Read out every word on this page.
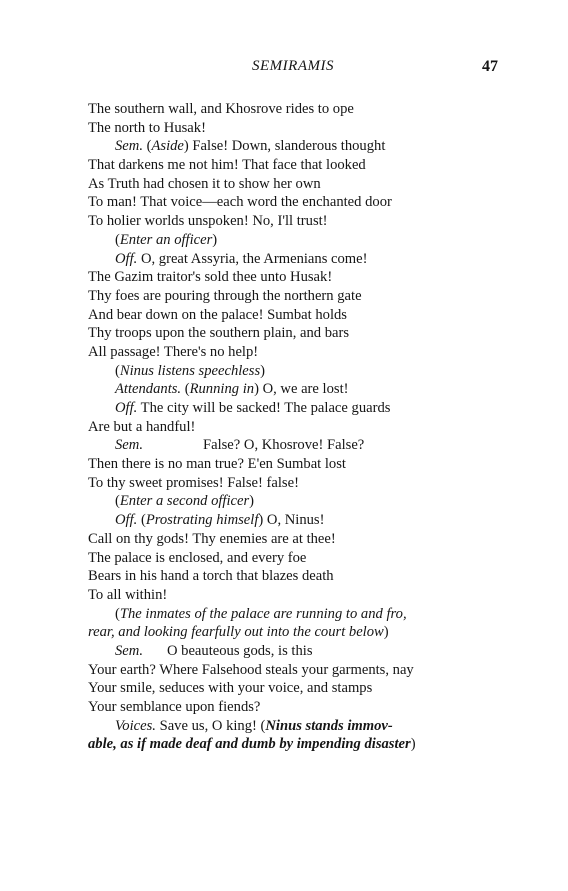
SEMIRAMIS	47
The southern wall, and Khosrove rides to ope
The north to Husak!
Sem. (Aside) False! Down, slanderous thought
That darkens me not him! That face that looked
As Truth had chosen it to show her own
To man! That voice—each word the enchanted door
To holier worlds unspoken! No, I'll trust!
(Enter an officer)
Off. O, great Assyria, the Armenians come!
The Gazim traitor's sold thee unto Husak!
Thy foes are pouring through the northern gate
And bear down on the palace! Sumbat holds
Thy troops upon the southern plain, and bars
All passage! There's no help!
(Ninus listens speechless)
Attendants. (Running in) O, we are lost!
Off. The city will be sacked! The palace guards
Are but a handful!
Sem.	False? O, Khosrove! False?
Then there is no man true? E'en Sumbat lost
To thy sweet promises! False! false!
(Enter a second officer)
Off. (Prostrating himself) O, Ninus!
Call on thy gods! Thy enemies are at thee!
The palace is enclosed, and every foe
Bears in his hand a torch that blazes death
To all within!
(The inmates of the palace are running to and fro,
rear, and looking fearfully out into the court below)
Sem. O beauteous gods, is this
Your earth? Where Falsehood steals your garments, nay
Your smile, seduces with your voice, and stamps
Your semblance upon fiends?
Voices. Save us, O king! (Ninus stands immov-
able, as if made deaf and dumb by impending disaster)
